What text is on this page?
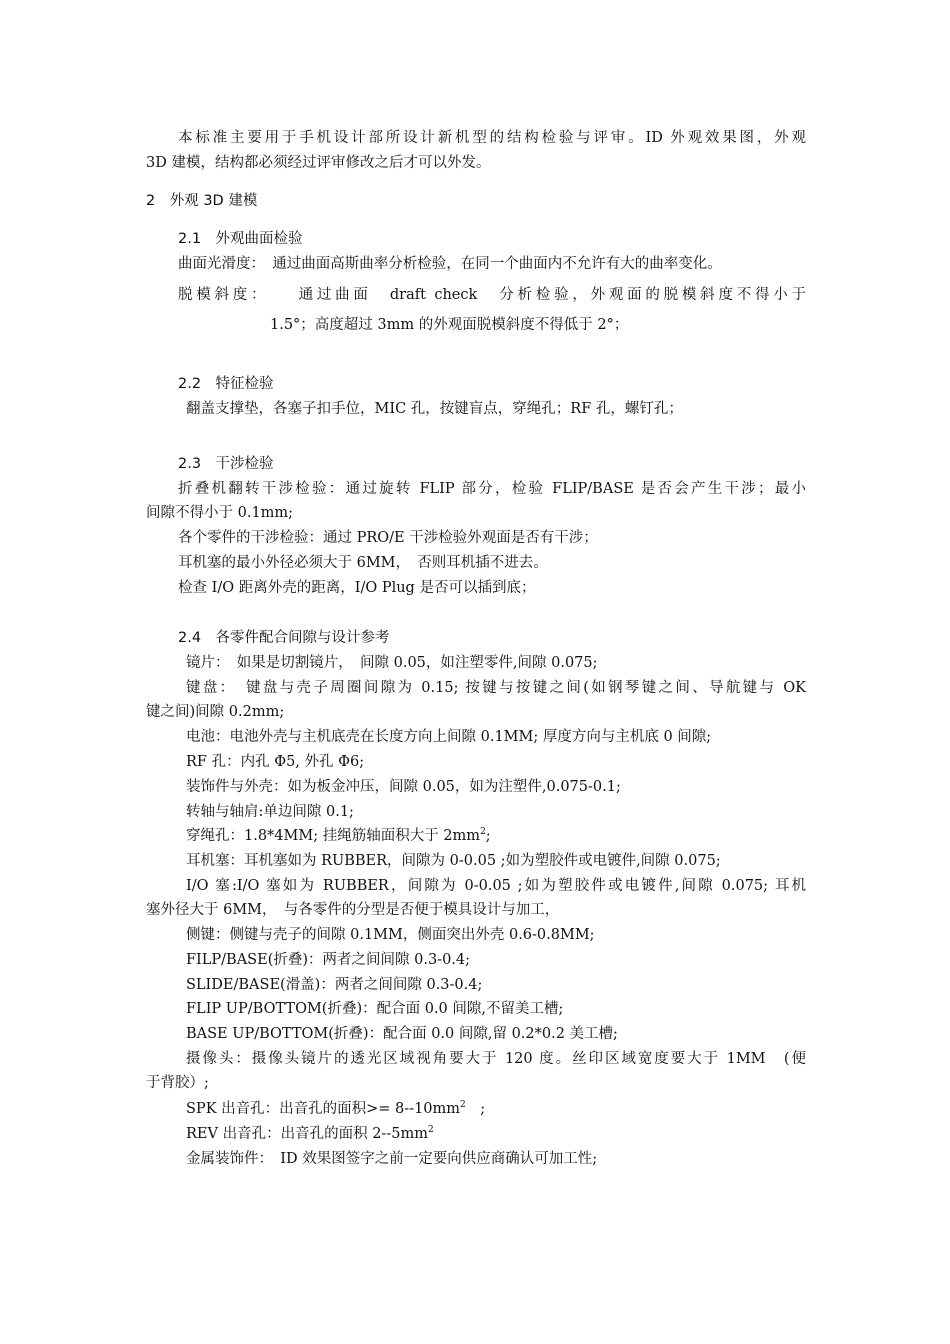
本标准主要用于手机设计部所设计新机型的结构检验与评审。ID 外观效果图，外观
3D 建模，结构都必须经过评审修改之后才可以外发。
2　外观 3D 建模
2.1　外观曲面检验
曲面光滑度：　通过曲面高斯曲率分析检验，在同一个曲面内不允许有大的曲率变化。
脱模斜度：　　通过曲面　draft check　分析检验，外观面的脱模斜度不得小于
1.5°；高度超过 3mm 的外观面脱模斜度不得低于 2°；
2.2　特征检验
翻盖支撑垫，各塞子扣手位，MIC 孔，按键盲点，穿绳孔；RF 孔，螺钉孔；
2.3　干涉检验
折叠机翻转干涉检验：通过旋转 FLIP 部分，检验 FLIP/BASE 是否会产生干涉；最小
间隙不得小于 0.1mm;
各个零件的干涉检验：通过 PRO/E 干涉检验外观面是否有干涉；
耳机塞的最小外径必须大于 6MM，　否则耳机插不进去。
检查 I/O 距离外壳的距离，I/O Plug 是否可以插到底；
2.4　各零件配合间隙与设计参考
镜片：　如果是切割镜片，　间隙 0.05，如注塑零件,间隙 0.075;
键盘：　键盘与壳子周圈间隙为 0.15; 按键与按键之间(如钢琴键之间、导航键与 OK
键之间)间隙 0.2mm;
电池：电池外壳与主机底壳在长度方向上间隙 0.1MM; 厚度方向与主机底 0 间隙;
RF 孔：内孔 Φ5, 外孔 Φ6;
装饰件与外壳：如为板金冲压，间隙 0.05，如为注塑件,0.075-0.1;
转轴与轴肩:单边间隙 0.1;
穿绳孔：1.8*4MM; 挂绳筋轴面积大于 $2mm^2$;
耳机塞：耳机塞如为 RUBBER，间隙为 0-0.05 ;如为塑胶件或电镀件,间隙 0.075;
I/O 塞:I/O 塞如为 RUBBER，间隙为 0-0.05 ;如为塑胶件或电镀件,间隙 0.075; 耳机
塞外径大于 6MM，　与各零件的分型是否便于模具设计与加工，
侧键：侧键与壳子的间隙 0.1MM，侧面突出外壳 0.6-0.8MM;
FILP/BASE(折叠)：两者之间间隙 0.3-0.4;
SLIDE/BASE(滑盖)：两者之间间隙 0.3-0.4;
FLIP UP/BOTTOM(折叠)：配合面 0.0 间隙,不留美工槽;
BASE UP/BOTTOM(折叠)：配合面 0.0 间隙,留 0.2*0.2 美工槽;
摄像头：摄像头镜片的透光区域视角要大于 120 度。丝印区域宽度要大于 1MM　(便
于背胶）;
SPK 出音孔：出音孔的面积>= $8--10mm^2$　;
REV 出音孔：出音孔的面积 $2--5mm^2$
金属装饰件：　ID 效果图签字之前一定要向供应商确认可加工性;
